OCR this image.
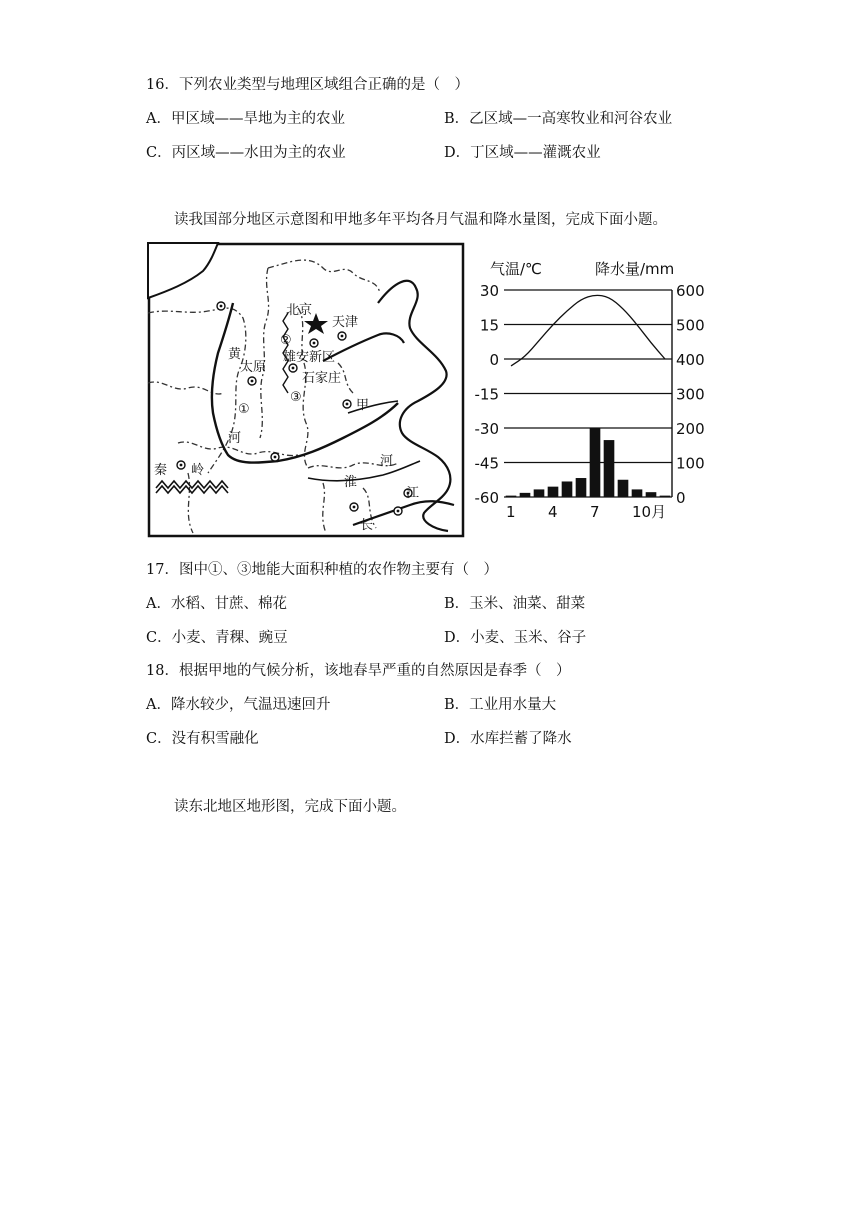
16．下列农业类型与地理区域组合正确的是（　）
A．甲区域——旱地为主的农业	B．乙区域—一高寒牧业和河谷农业
C．丙区域——水田为主的农业	D．丁区域——灌溉农业
读我国部分地区示意图和甲地多年平均各月气温和降水量图，完成下面小题。
②
①
③
北京
天津
雄安新区
太原
石家庄
甲
黄
河
河
秦 岭
淮
江
长
气温/℃	降水量/mm
30
15
0
-15
-30
-45
-60
600
500
400
300
200
100
0
1 4 7 10月
17．图中①、③地能大面积种植的农作物主要有（　）
A．水稻、甘蔗、棉花	B．玉米、油菜、甜菜
C．小麦、青稞、豌豆	D．小麦、玉米、谷子
18．根据甲地的气候分析，该地春旱严重的自然原因是春季（　）
A．降水较少，气温迅速回升	B．工业用水量大
C．没有积雪融化	D．水库拦蓄了降水
读东北地区地形图，完成下面小题。
